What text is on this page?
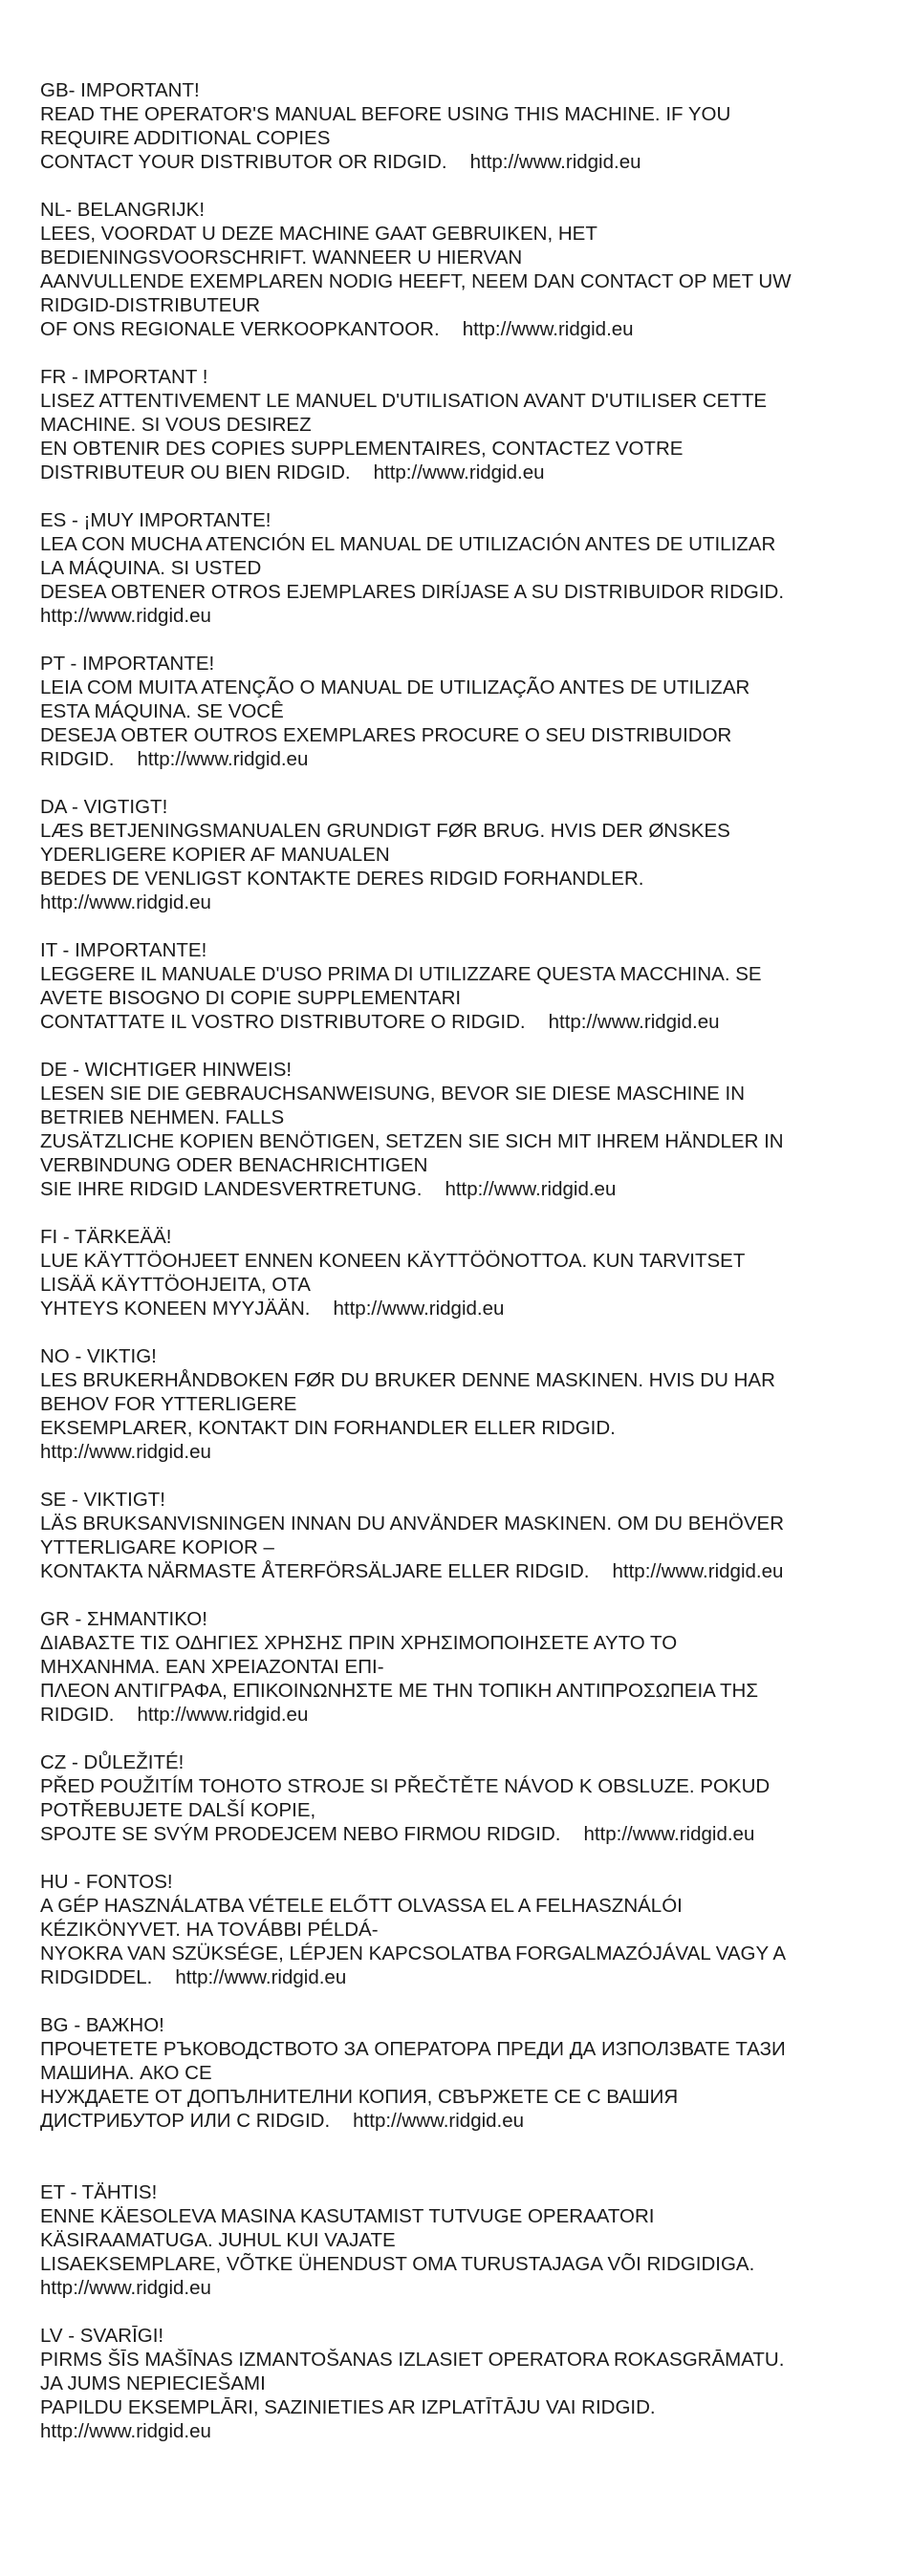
GB- IMPORTANT!
READ THE OPERATOR'S MANUAL BEFORE USING THIS MACHINE. IF YOU
REQUIRE ADDITIONAL COPIES
CONTACT YOUR DISTRIBUTOR OR RIDGID. http://www.ridgid.eu
NL- BELANGRIJK!
LEES, VOORDAT U DEZE MACHINE GAAT GEBRUIKEN, HET
BEDIENINGSVOORSCHRIFT. WANNEER U HIERVAN
AANVULLENDE EXEMPLAREN NODIG HEEFT, NEEM DAN CONTACT OP MET UW
RIDGID-DISTRIBUTEUR
OF ONS REGIONALE VERKOOPKANTOOR. http://www.ridgid.eu
FR - IMPORTANT !
LISEZ ATTENTIVEMENT LE MANUEL D'UTILISATION AVANT D'UTILISER CETTE
MACHINE. SI VOUS DESIREZ
EN OBTENIR DES COPIES SUPPLEMENTAIRES, CONTACTEZ VOTRE
DISTRIBUTEUR OU BIEN RIDGID. http://www.ridgid.eu
ES - ¡MUY IMPORTANTE!
LEA CON MUCHA ATENCIÓN EL MANUAL DE UTILIZACIÓN ANTES DE UTILIZAR
LA MÁQUINA. SI USTED
DESEA OBTENER OTROS EJEMPLARES DIRÍJASE A SU DISTRIBUIDOR RIDGID.
http://www.ridgid.eu
PT - IMPORTANTE!
LEIA COM MUITA ATENÇÃO O MANUAL DE UTILIZAÇÃO ANTES DE UTILIZAR
ESTA MÁQUINA. SE VOCÊ
DESEJA OBTER OUTROS EXEMPLARES PROCURE O SEU DISTRIBUIDOR
RIDGID. http://www.ridgid.eu
DA - VIGTIGT!
LÆS BETJENINGSMANUALEN GRUNDIGT FØR BRUG. HVIS DER ØNSKES
YDERLIGERE KOPIER AF MANUALEN
BEDES DE VENLIGST KONTAKTE DERES RIDGID FORHANDLER.
http://www.ridgid.eu
IT - IMPORTANTE!
LEGGERE IL MANUALE D'USO PRIMA DI UTILIZZARE QUESTA MACCHINA. SE
AVETE BISOGNO DI COPIE SUPPLEMENTARI
CONTATTATE IL VOSTRO DISTRIBUTORE O RIDGID. http://www.ridgid.eu
DE - WICHTIGER HINWEIS!
LESEN SIE DIE GEBRAUCHSANWEISUNG, BEVOR SIE DIESE MASCHINE IN
BETRIEB NEHMEN. FALLS
ZUSÄTZLICHE KOPIEN BENÖTIGEN, SETZEN SIE SICH MIT IHREM HÄNDLER IN
VERBINDUNG ODER BENACHRICHTIGEN
SIE IHRE RIDGID LANDESVERTRETUNG. http://www.ridgid.eu
FI - TÄRKEÄÄ!
LUE KÄYTTÖOHJEET ENNEN KONEEN KÄYTTÖÖNOTTOA. KUN TARVITSET
LISÄÄ KÄYTTÖOHJEITA, OTA
YHTEYS KONEEN MYYJÄÄN. http://www.ridgid.eu
NO - VIKTIG!
LES BRUKERHÅNDBOKEN FØR DU BRUKER DENNE MASKINEN. HVIS DU HAR
BEHOV FOR YTTERLIGERE
EKSEMPLARER, KONTAKT DIN FORHANDLER ELLER RIDGID.
http://www.ridgid.eu
SE - VIKTIGT!
LÄS BRUKSANVISNINGEN INNAN DU ANVÄNDER MASKINEN. OM DU BEHÖVER
YTTERLIGARE KOPIOR –
KONTAKTA NÄRMASTE ÅTERFÖRSÄLJARE ELLER RIDGID. http://www.ridgid.eu
GR - ΣΗΜΑΝΤΙΚΟ!
ΔΙΑΒΑΣΤΕ ΤΙΣ ΟΔΗΓΙΕΣ ΧΡΗΣΗΣ ΠΡΙΝ ΧΡΗΣΙΜΟΠΟΙΗΣΕΤΕ ΑΥΤΟ ΤΟ
ΜΗΧΑΝΗΜΑ. ΕΑΝ ΧΡΕΙΑΖΟΝΤΑΙ ΕΠΙ-
ΠΛΕΟΝ ΑΝΤΙΓΡΑΦΑ, ΕΠΙΚΟΙΝΩΝΗΣΤΕ ΜΕ ΤΗΝ ΤΟΠΙΚΗ ΑΝΤΙΠΡΟΣΩΠΕΙΑ ΤΗΣ
RIDGID. http://www.ridgid.eu
CZ - DŮLEŽITÉ!
PŘED POUŽITÍM TOHOTO STROJE SI PŘEČTĚTE NÁVOD K OBSLUZE. POKUD
POTŘEBUJETE DALŠÍ KOPIE,
SPOJTE SE SVÝM PRODEJCEM NEBO FIRMOU RIDGID. http://www.ridgid.eu
HU - FONTOS!
A GÉP HASZNÁLATBA VÉTELE ELŐTT OLVASSA EL A FELHASZNÁLÓI
KÉZIKÖNYVET. HA TOVÁBBI PÉLDÁ-
NYOKRA VAN SZÜKSÉGE, LÉPJEN KAPCSOLATBA FORGALMAZÓJÁVAL VAGY A
RIDGIDDEL. http://www.ridgid.eu
BG - ВАЖНО!
ПРОЧЕТЕТЕ РЪКОВОДСТВОТО ЗА ОПЕРАТОРА ПРЕДИ ДА ИЗПОЛЗВАТЕ ТАЗИ
МАШИНА. АКО СЕ
НУЖДАЕТЕ ОТ ДОПЪЛНИТЕЛНИ КОПИЯ, СВЪРЖЕТЕ СЕ С ВАШИЯ
ДИСТРИБУТОР ИЛИ С RIDGID. http://www.ridgid.eu
ET - TÄHTIS!
ENNE KÄESOLEVA MASINA KASUTAMIST TUTVUGE OPERAATORI
KÄSIRAAMATUGA. JUHUL KUI VAJATE
LISAEKSEMPLARE, VÕTKE ÜHENDUST OMA TURUSTAJAGA VÕI RIDGIDIGA.
http://www.ridgid.eu
LV - SVARĪGI!
PIRMS ŠĪS MAŠĪNAS IZMANTOŠANAS IZLASIET OPERATORA ROKASGRĀMATU.
JA JUMS NEPIECIEŠAMI
PAPILDU EKSEMPLĀRI, SAZINIETIES AR IZPLATĪTĀJU VAI RIDGID.
http://www.ridgid.eu
